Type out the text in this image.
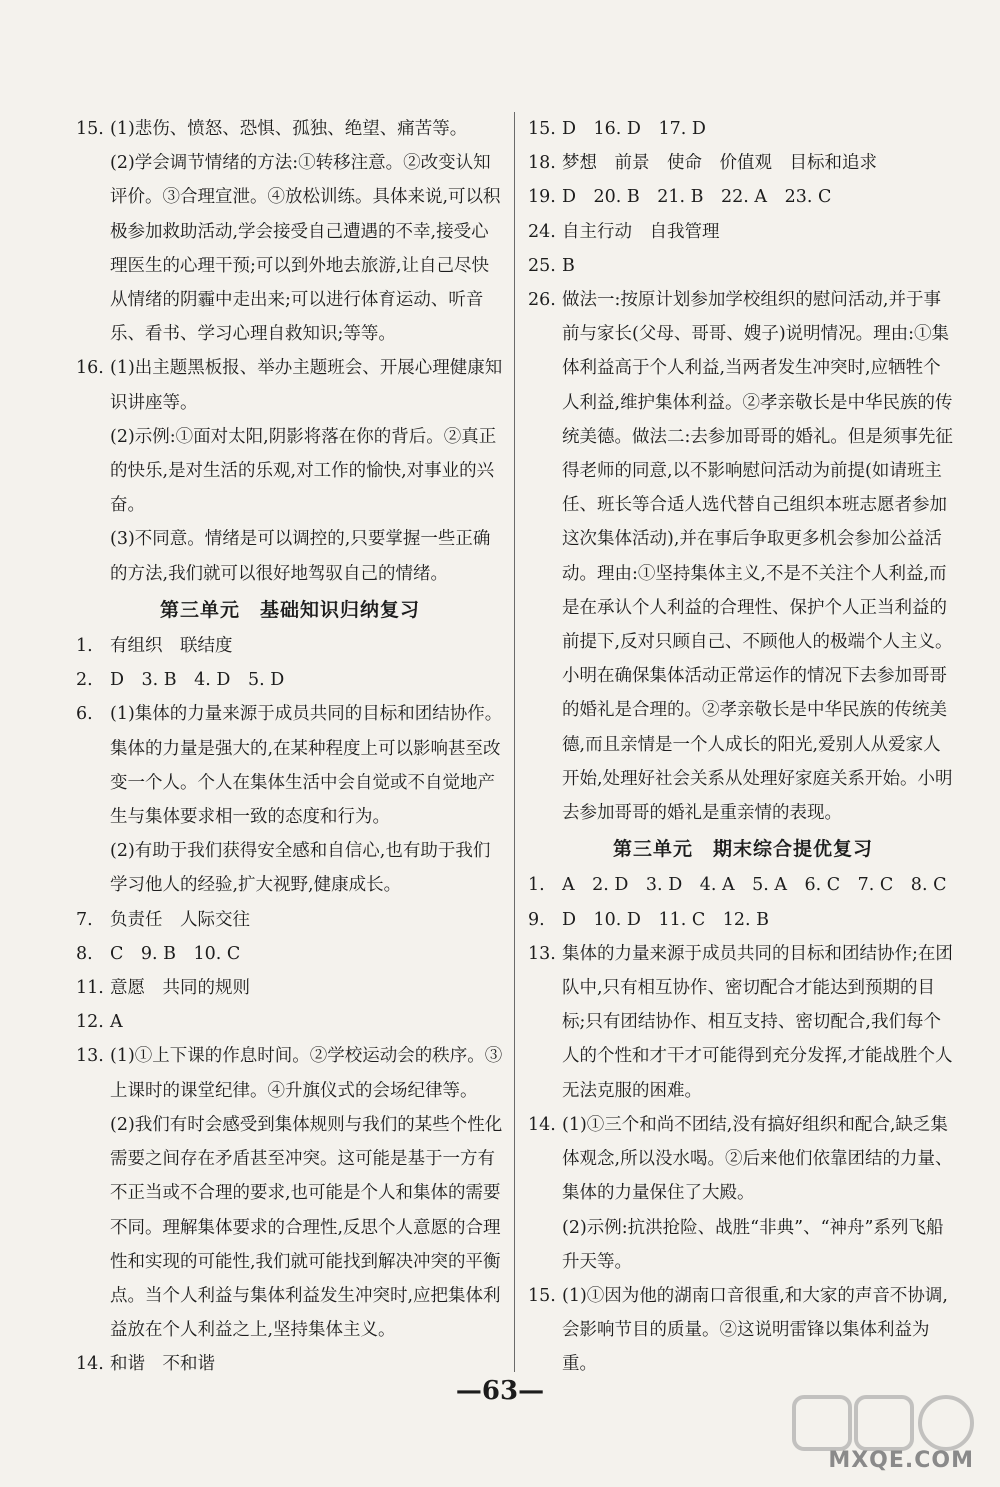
15. (1)悲伤、愤怒、恐惧、孤独、绝望、痛苦等。
(2)学会调节情绪的方法:①转移注意。②改变认知评价。③合理宣泄。④放松训练。具体来说,可以积极参加救助活动,学会接受自己遭遇的不幸,接受心理医生的心理干预;可以到外地去旅游,让自己尽快从情绪的阴霾中走出来;可以进行体育运动、听音乐、看书、学习心理自救知识;等等。
16. (1)出主题黑板报、举办主题班会、开展心理健康知识讲座等。
(2)示例:①面对太阳,阴影将落在你的背后。②真正的快乐,是对生活的乐观,对工作的愉快,对事业的兴奋。
(3)不同意。情绪是可以调控的,只要掌握一些正确的方法,我们就可以很好地驾驭自己的情绪。
第三单元　基础知识归纳复习
1. 有组织　联结度
2. D　3. B　4. D　5. D
6. (1)集体的力量来源于成员共同的目标和团结协作。集体的力量是强大的,在某种程度上可以影响甚至改变一个人。个人在集体生活中会自觉或不自觉地产生与集体要求相一致的态度和行为。
(2)有助于我们获得安全感和自信心,也有助于我们学习他人的经验,扩大视野,健康成长。
7. 负责任　人际交往
8. C　9. B　10. C
11. 意愿　共同的规则
12. A
13. (1)①上下课的作息时间。②学校运动会的秩序。③上课时的课堂纪律。④升旗仪式的会场纪律等。
(2)我们有时会感受到集体规则与我们的某些个性化需要之间存在矛盾甚至冲突。这可能是基于一方有不正当或不合理的要求,也可能是个人和集体的需要不同。理解集体要求的合理性,反思个人意愿的合理性和实现的可能性,我们就可能找到解决冲突的平衡点。当个人利益与集体利益发生冲突时,应把集体利益放在个人利益之上,坚持集体主义。
14. 和谐　不和谐
15. D　16. D　17. D
18. 梦想　前景　使命　价值观　目标和追求
19. D　20. B　21. B　22. A　23. C
24. 自主行动　自我管理
25. B
26. 做法一:按原计划参加学校组织的慰问活动,并于事前与家长(父母、哥哥、嫂子)说明情况。理由:①集体利益高于个人利益,当两者发生冲突时,应牺牲个人利益,维护集体利益。②孝亲敬长是中华民族的传统美德。做法二:去参加哥哥的婚礼。但是须事先征得老师的同意,以不影响慰问活动为前提(如请班主任、班长等合适人选代替自己组织本班志愿者参加这次集体活动),并在事后争取更多机会参加公益活动。理由:①坚持集体主义,不是不关注个人利益,而是在承认个人利益的合理性、保护个人正当利益的前提下,反对只顾自己、不顾他人的极端个人主义。小明在确保集体活动正常运作的情况下去参加哥哥的婚礼是合理的。②孝亲敬长是中华民族的传统美德,而且亲情是一个人成长的阳光,爱别人从爱家人开始,处理好社会关系从处理好家庭关系开始。小明去参加哥哥的婚礼是重亲情的表现。
第三单元　期末综合提优复习
1. A　2. D　3. D　4. A　5. A　6. C　7. C　8. C
9. D　10. D　11. C　12. B
13. 集体的力量来源于成员共同的目标和团结协作;在团队中,只有相互协作、密切配合才能达到预期的目标;只有团结协作、相互支持、密切配合,我们每个人的个性和才干才可能得到充分发挥,才能战胜个人无法克服的困难。
14. (1)①三个和尚不团结,没有搞好组织和配合,缺乏集体观念,所以没水喝。②后来他们依靠团结的力量、集体的力量保住了大殿。
(2)示例:抗洪抢险、战胜“非典”、“神舟”系列飞船升天等。
15. (1)①因为他的湖南口音很重,和大家的声音不协调,会影响节目的质量。②这说明雷锋以集体利益为重。
—63—
MXQE.COM
